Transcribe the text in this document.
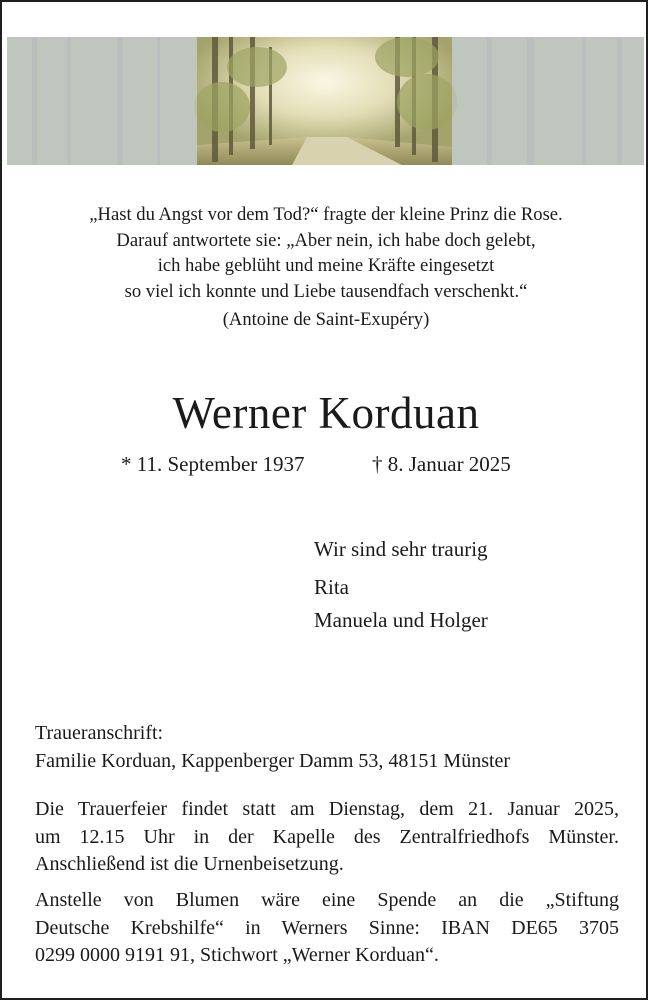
„Hast du Angst vor dem Tod?“ fragte der kleine Prinz die Rose.
Darauf antwortete sie: „Aber nein, ich habe doch gelebt,
ich habe geblüht und meine Kräfte eingesetzt
so viel ich konnte und Liebe tausendfach verschenkt.“
(Antoine de Saint-Exupéry)
Werner Korduan
* 11. September 1937	† 8. Januar 2025
Wir sind sehr traurig
Rita
Manuela und Holger
Traueranschrift:
Familie Korduan, Kappenberger Damm 53, 48151 Münster
Die Trauerfeier findet statt am Dienstag, dem 21. Januar 2025,
um 12.15 Uhr in der Kapelle des Zentralfriedhofs Münster.
Anschließend ist die Urnenbeisetzung.
Anstelle von Blumen wäre eine Spende an die „Stiftung
Deutsche Krebshilfe“ in Werners Sinne: IBAN DE65 3705
0299 0000 9191 91, Stichwort „Werner Korduan“.
